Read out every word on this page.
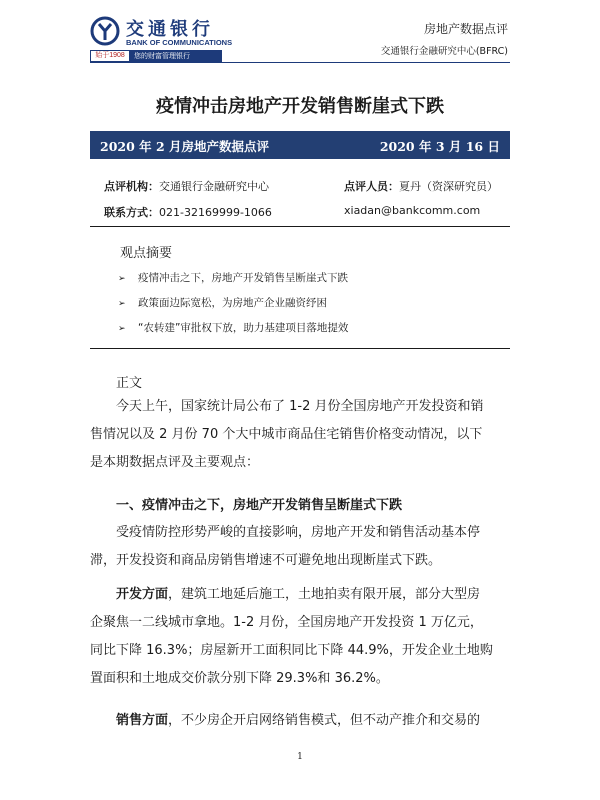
交通银行
BANK OF COMMUNICATIONS
始于1908	您的财富管理银行
房地产数据点评
交通银行金融研究中心(BFRC)
疫情冲击房地产开发销售断崖式下跌
2020 年 2 月房地产数据点评	2020 年 3 月 16 日
点评机构：交通银行金融研究中心	点评人员：夏丹（资深研究员）
联系方式：021-32169999-1066	xiadan@bankcomm.com
观点摘要
➢ 疫情冲击之下，房地产开发销售呈断崖式下跌
➢ 政策面边际宽松，为房地产企业融资纾困
➢ “农转建”审批权下放，助力基建项目落地提效
正文

今天上午，国家统计局公布了 1-2 月份全国房地产开发投资和销

售情况以及 2 月份 70 个大中城市商品住宅销售价格变动情况，以下

是本期数据点评及主要观点：

一、疫情冲击之下，房地产开发销售呈断崖式下跌

受疫情防控形势严峻的直接影响，房地产开发和销售活动基本停

滞，开发投资和商品房销售增速不可避免地出现断崖式下跌。

开发方面，建筑工地延后施工，土地拍卖有限开展，部分大型房

企聚焦一二线城市拿地。1-2 月份，全国房地产开发投资 1 万亿元，

同比下降 16.3%；房屋新开工面积同比下降 44.9%，开发企业土地购

置面积和土地成交价款分别下降 29.3%和 36.2%。

销售方面，不少房企开启网络销售模式，但不动产推介和交易的

1
